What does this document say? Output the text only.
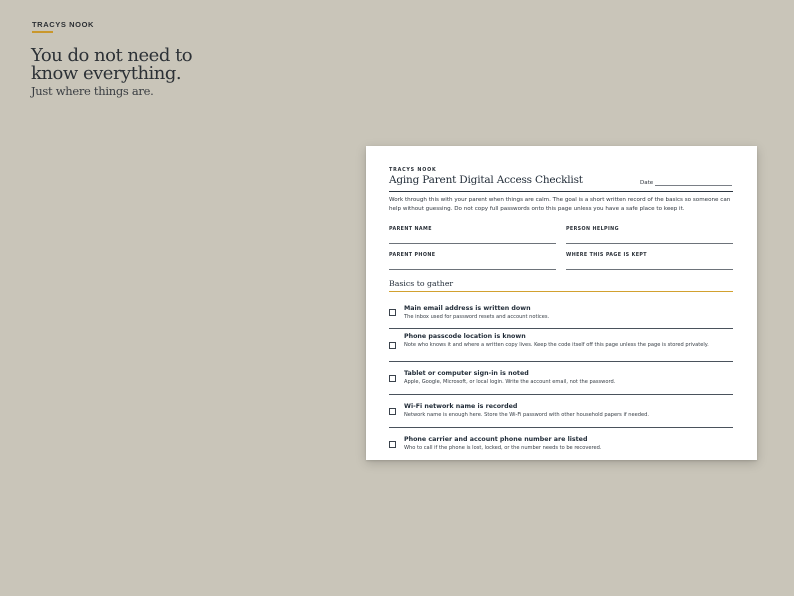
TRACYS NOOK
You do not need to
know everything.
Just where things are.
TRACYS NOOK
Aging Parent Digital Access Checklist	Date
Work through this with your parent when things are calm. The goal is a short written record of the basics so someone can help without guessing. Do not copy full passwords onto this page unless you have a safe place to keep it.
PARENT NAME	PERSON HELPING
PARENT PHONE	WHERE THIS PAGE IS KEPT
Basics to gather
Main email address is written down
The inbox used for password resets and account notices.
Phone passcode location is known
Note who knows it and where a written copy lives. Keep the code itself off this page unless the page is stored privately.
Tablet or computer sign-in is noted
Apple, Google, Microsoft, or local login. Write the account email, not the password.
Wi-Fi network name is recorded
Network name is enough here. Store the Wi-Fi password with other household papers if needed.
Phone carrier and account phone number are listed
Who to call if the phone is lost, locked, or the number needs to be recovered.
